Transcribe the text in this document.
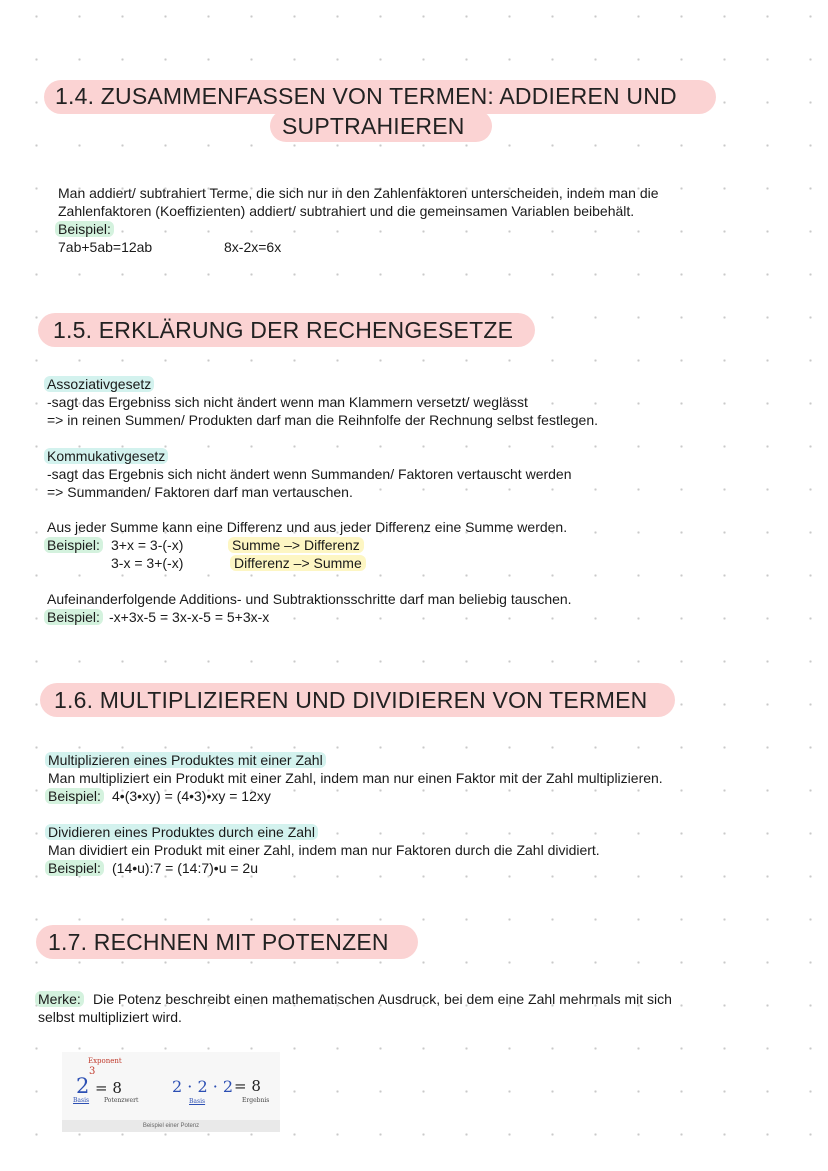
1.4. ZUSAMMENFASSEN VON TERMEN: ADDIEREN UND
SUPTRAHIEREN
Man addiert/ subtrahiert Terme, die sich nur in den Zahlenfaktoren unterscheiden, indem man die
Zahlenfaktoren (Koeffizienten) addiert/ subtrahiert und die gemeinsamen Variablen beibehält.
Beispiel:
7ab+5ab=12ab	8x-2x=6x
1.5. ERKLÄRUNG DER RECHENGESETZE
Assoziativgesetz
-sagt das Ergebniss sich nicht ändert wenn man Klammern versetzt/ weglässt
=> in reinen Summen/ Produkten darf man die Reihnfolfe der Rechnung selbst festlegen.
Kommukativgesetz
-sagt das Ergebnis sich nicht ändert wenn Summanden/ Faktoren vertauscht werden
=> Summanden/ Faktoren darf man vertauschen.
Aus jeder Summe kann eine Differenz und aus jeder Differenz eine Summe werden.
Beispiel: 3+x = 3-(-x)
3-x = 3+(-x)
Summe –> Differenz
Differenz –> Summe
Aufeinanderfolgende Additions- und Subtraktionsschritte darf man beliebig tauschen.
Beispiel: -x+3x-5 = 3x-x-5 = 5+3x-x
1.6. MULTIPLIZIEREN UND DIVIDIEREN VON TERMEN
Multiplizieren eines Produktes mit einer Zahl
Man multipliziert ein Produkt mit einer Zahl, indem man nur einen Faktor mit der Zahl multiplizieren.
Beispiel: 4•(3•xy) = (4•3)•xy = 12xy
Dividieren eines Produktes durch eine Zahl
Man dividiert ein Produkt mit einer Zahl, indem man nur Faktoren durch die Zahl dividiert.
Beispiel: (14•u):7 = (14:7)•u = 2u
1.7. RECHNEN MIT POTENZEN
Merke: Die Potenz beschreibt einen mathematischen Ausdruck, bei dem eine Zahl mehrmals mit sich
selbst multipliziert wird.
Exponent
3
2 = 8
Basis Potenzwert
2 · 2 · 2 = 8
Basis	Ergebnis
Beispiel einer Potenz
